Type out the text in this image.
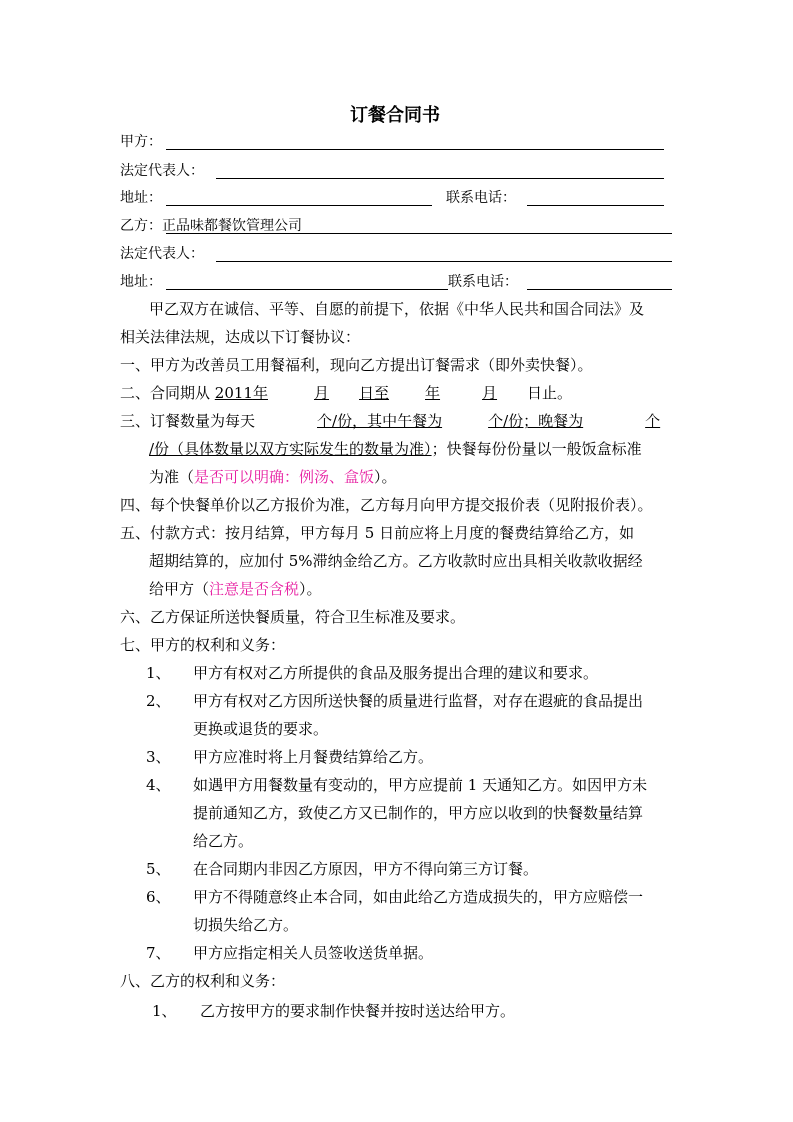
订餐合同书
甲方：
法定代表人：
地址：	联系电话：
乙方：正品味都餐饮管理公司
法定代表人：
地址：	联系电话：
甲乙双方在诚信、平等、自愿的前提下，依据《中华人民共和国合同法》及
相关法律法规，达成以下订餐协议：
一、甲方为改善员工用餐福利，现向乙方提出订餐需求（即外卖快餐）。
二、合同期从 2011年	月 日至 年	月 日止。
三、订餐数量为每天	个/份，其中午餐为	个/份；晚餐为	个
/份（具体数量以双方实际发生的数量为准）；快餐每份份量以一般饭盒标准
为准（是否可以明确：例汤、盒饭）。
四、每个快餐单价以乙方报价为准，乙方每月向甲方提交报价表（见附报价表）。
五、付款方式：按月结算，甲方每月 5 日前应将上月度的餐费结算给乙方，如
超期结算的，应加付 5%滞纳金给乙方。乙方收款时应出具相关收款收据经
给甲方（注意是否含税）。
六、乙方保证所送快餐质量，符合卫生标准及要求。
七、甲方的权利和义务：
1、 甲方有权对乙方所提供的食品及服务提出合理的建议和要求。
2、 甲方有权对乙方因所送快餐的质量进行监督，对存在遐疵的食品提出
更换或退货的要求。
3、 甲方应准时将上月餐费结算给乙方。
4、 如遇甲方用餐数量有变动的，甲方应提前 1 天通知乙方。如因甲方未
提前通知乙方，致使乙方又已制作的，甲方应以收到的快餐数量结算
给乙方。
5、 在合同期内非因乙方原因，甲方不得向第三方订餐。
6、 甲方不得随意终止本合同，如由此给乙方造成损失的，甲方应赔偿一
切损失给乙方。
7、 甲方应指定相关人员签收送货单据。
八、乙方的权利和义务：
1、 乙方按甲方的要求制作快餐并按时送达给甲方。
